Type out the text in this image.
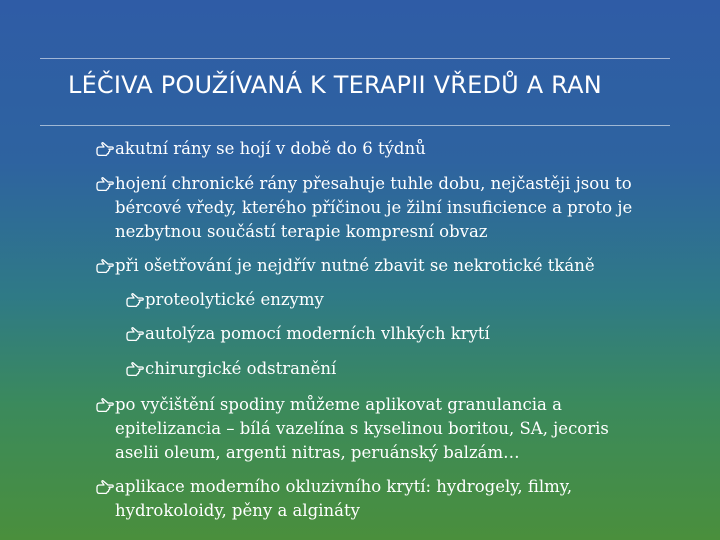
LÉČIVA POUŽÍVANÁ K TERAPII VŘEDŮ A RAN
akutní rány se hojí v době do 6 týdnů
hojení chronické rány přesahuje tuhle dobu, nejčastěji jsou to bércové vředy, kterého příčinou je žilní insuficience a proto je nezbytnou součástí terapie kompresní obvaz
při ošetřování je nejdřív nutné zbavit se nekrotické tkáně
proteolytické enzymy
autolýza pomocí moderních vlhkých krytí
chirurgické odstranění
po vyčištění spodiny můžeme aplikovat granulancia a epitelizancia – bílá vazelína s kyselinou boritou, SA, jecoris aselii oleum, argenti nitras, peruánský balzám…
aplikace moderního okluzivního krytí: hydrogely, filmy, hydrokoloidy, pěny a algináty
